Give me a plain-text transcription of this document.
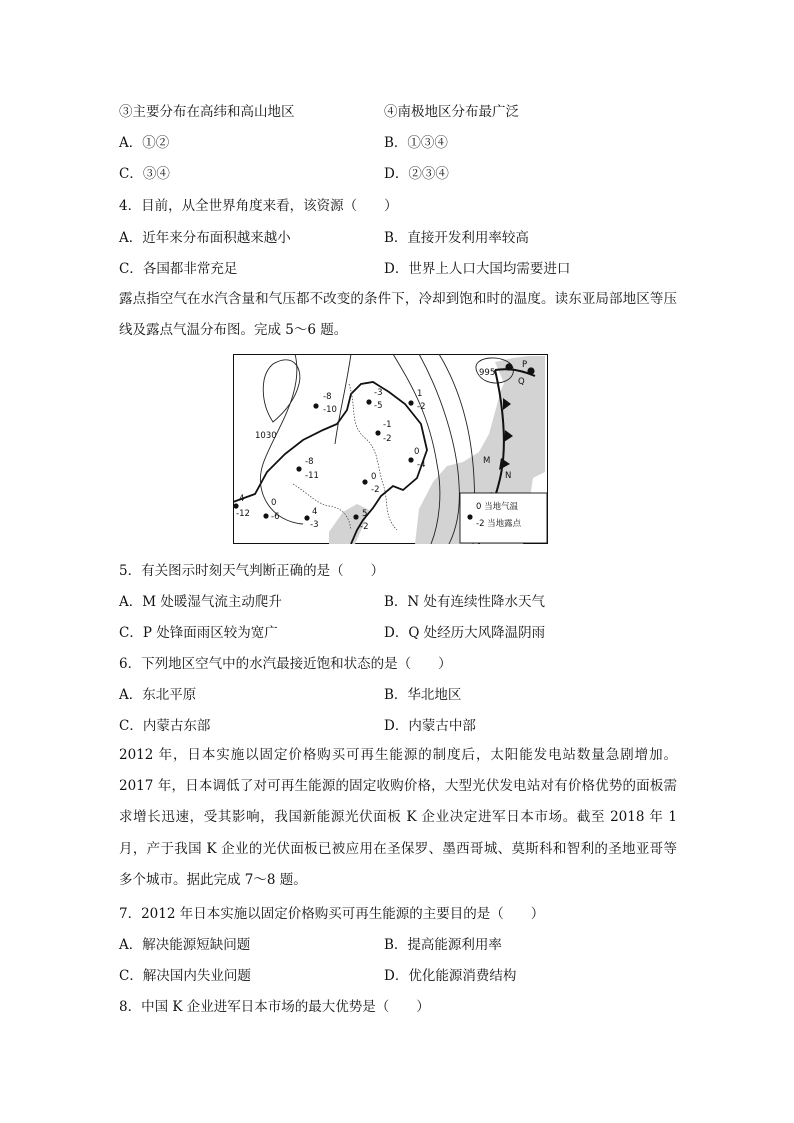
③主要分布在高纬和高山地区	④南极地区分布最广泛
A．①②	B．①③④
C．③④	D．②③④
4．目前，从全世界角度来看，该资源（　　）
A．近年来分布面积越来越小	B．直接开发利用率较高
C．各国都非常充足	D．世界上人口大国均需要进口
露点指空气在水汽含量和气压都不改变的条件下，冷却到饱和时的温度。读东亚局部地区等压线及露点气温分布图。完成 5～6 题。
1030
995
P
Q
M
N
-8
-10
-3
-5
1
-2
-1
-2
-8
-11
0
-4
0
-2
4
-12
0
-6	4
-3
5
-2
0 当地气温
-2 当地露点
5．有关图示时刻天气判断正确的是（　　）
A．M 处暖湿气流主动爬升	B．N 处有连续性降水天气
C．P 处锋面雨区较为宽广	D．Q 处经历大风降温阴雨
6．下列地区空气中的水汽最接近饱和状态的是（　　）
A．东北平原	B．华北地区
C．内蒙古东部	D．内蒙古中部
2012 年，日本实施以固定价格购买可再生能源的制度后，太阳能发电站数量急剧增加。2017 年，日本调低了对可再生能源的固定收购价格，大型光伏发电站对有价格优势的面板需求增长迅速，受其影响，我国新能源光伏面板 K 企业决定进军日本市场。截至 2018 年 1 月，产于我国 K 企业的光伏面板已被应用在圣保罗、墨西哥城、莫斯科和智利的圣地亚哥等多个城市。据此完成 7～8 题。
7．2012 年日本实施以固定价格购买可再生能源的主要目的是（　　）
A．解决能源短缺问题	B．提高能源利用率
C．解决国内失业问题	D．优化能源消费结构
8．中国 K 企业进军日本市场的最大优势是（　　）
